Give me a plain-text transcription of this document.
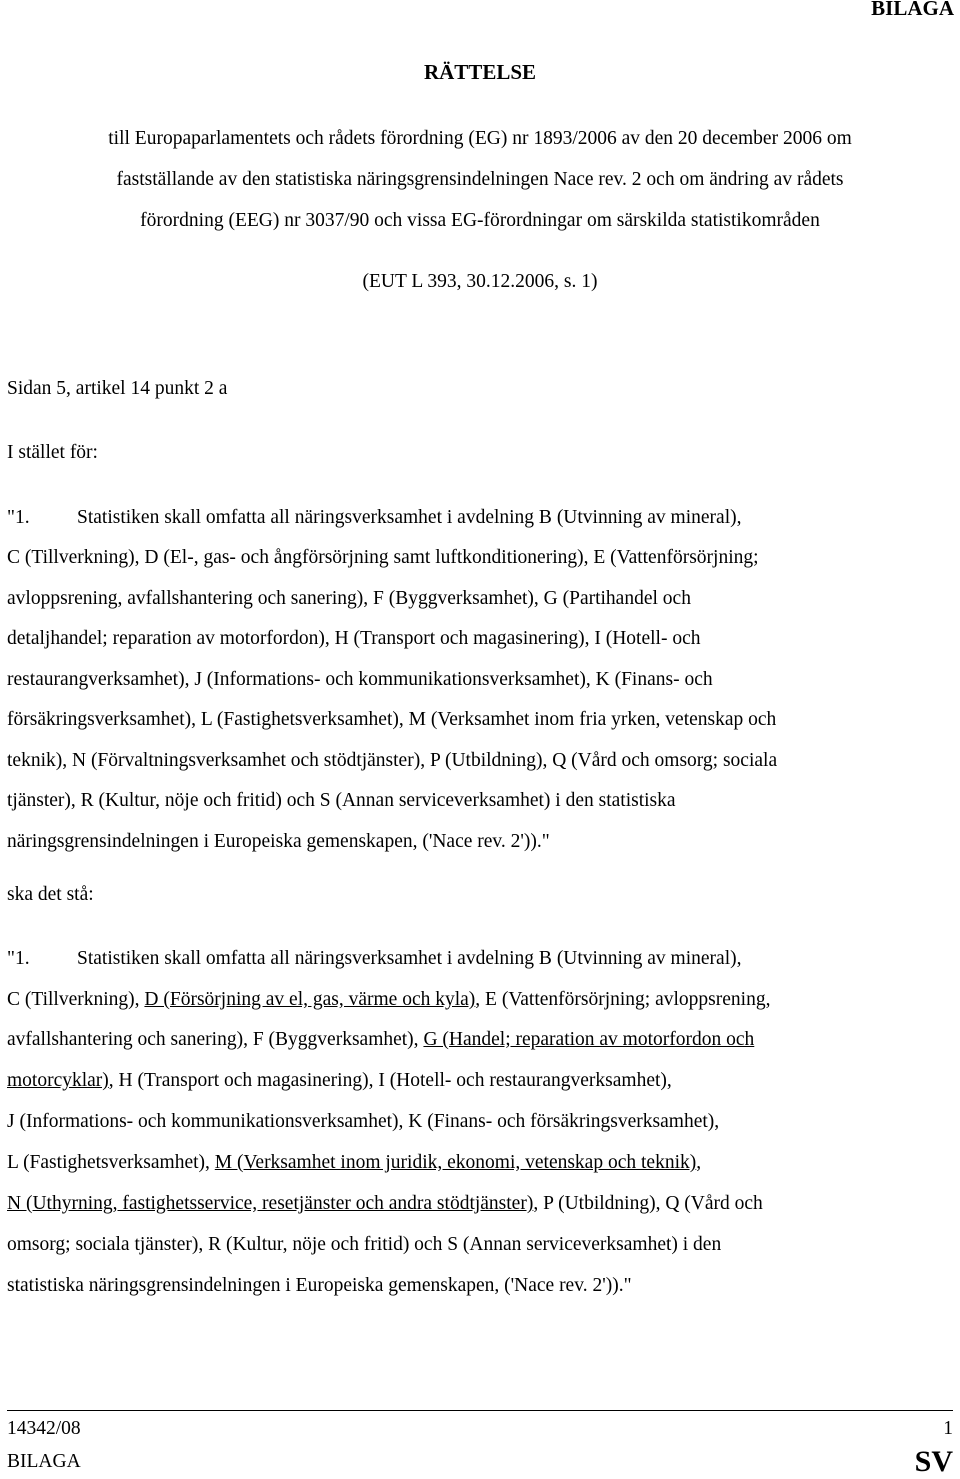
BILAGA
RÄTTELSE
till Europaparlamentets och rådets förordning (EG) nr 1893/2006 av den 20 december 2006 om
fastställande av den statistiska näringsgrensindelningen Nace rev. 2 och om ändring av rådets
förordning (EEG) nr 3037/90 och vissa EG-förordningar om särskilda statistikområden
(EUT L 393, 30.12.2006, s. 1)
Sidan 5, artikel 14 punkt 2 a
I stället för:
"1. Statistiken skall omfatta all näringsverksamhet i avdelning B (Utvinning av mineral),
C (Tillverkning), D (El-, gas- och ångförsörjning samt luftkonditionering), E (Vattenförsörjning;
avloppsrening, avfallshantering och sanering), F (Byggverksamhet), G (Partihandel och
detaljhandel; reparation av motorfordon), H (Transport och magasinering), I (Hotell- och
restaurangverksamhet), J (Informations- och kommunikationsverksamhet), K (Finans- och
försäkringsverksamhet), L (Fastighetsverksamhet), M (Verksamhet inom fria yrken, vetenskap och
teknik), N (Förvaltningsverksamhet och stödtjänster), P (Utbildning), Q (Vård och omsorg; sociala
tjänster), R (Kultur, nöje och fritid) och S (Annan serviceverksamhet) i den statistiska
näringsgrensindelningen i Europeiska gemenskapen, ('Nace rev. 2'))."
ska det stå:
"1. Statistiken skall omfatta all näringsverksamhet i avdelning B (Utvinning av mineral),
C (Tillverkning), D (Försörjning av el, gas, värme och kyla), E (Vattenförsörjning; avloppsrening,
avfallshantering och sanering), F (Byggverksamhet), G (Handel; reparation av motorfordon och
motorcyklar), H (Transport och magasinering), I (Hotell- och restaurangverksamhet),
J (Informations- och kommunikationsverksamhet), K (Finans- och försäkringsverksamhet),
L (Fastighetsverksamhet), M (Verksamhet inom juridik, ekonomi, vetenskap och teknik),
N (Uthyrning, fastighetsservice, resetjänster och andra stödtjänster), P (Utbildning), Q (Vård och
omsorg; sociala tjänster), R (Kultur, nöje och fritid) och S (Annan serviceverksamhet) i den
statistiska näringsgrensindelningen i Europeiska gemenskapen, ('Nace rev. 2'))."
14342/08	1
BILAGA	SV
